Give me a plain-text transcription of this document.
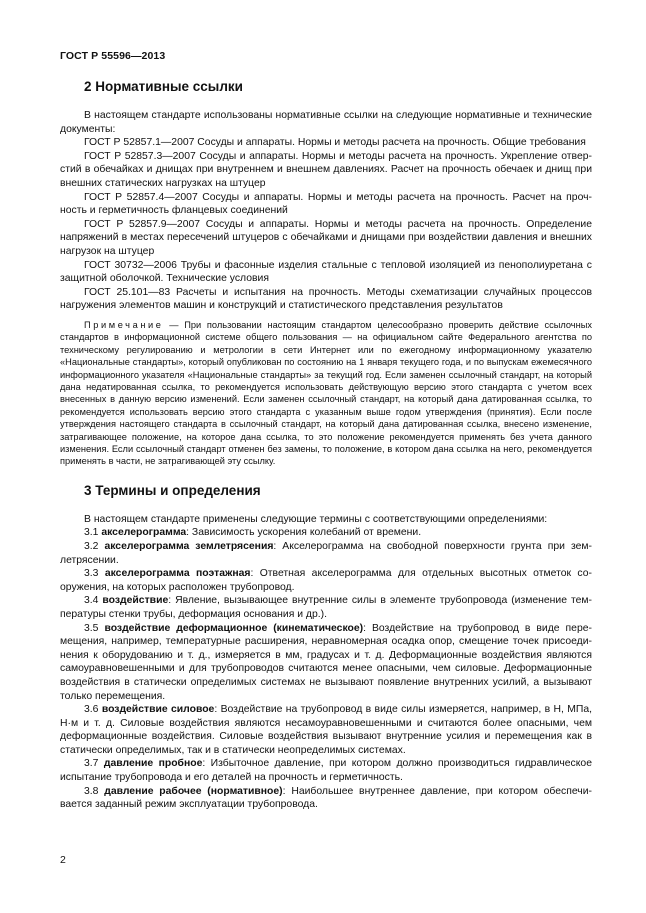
ГОСТ Р 55596—2013
2 Нормативные ссылки

В настоящем стандарте использованы нормативные ссылки на следующие нормативные и технические документы:

ГОСТ Р 52857.1—2007 Сосуды и аппараты. Нормы и методы расчета на прочность. Общие требования

ГОСТ Р 52857.3—2007 Сосуды и аппараты. Нормы и методы расчета на прочность. Укрепление отверстий в обечайках и днищах при внутреннем и внешнем давлениях. Расчет на прочность обечаек и днищ при внешних статических нагрузках на штуцер

ГОСТ Р 52857.4—2007 Сосуды и аппараты. Нормы и методы расчета на прочность. Расчет на прочность и герметичность фланцевых соединений

ГОСТ Р 52857.9—2007 Сосуды и аппараты. Нормы и методы расчета на прочность. Определение напряжений в местах пересечений штуцеров с обечайками и днищами при воздействии давления и внешних нагрузок на штуцер

ГОСТ 30732—2006 Трубы и фасонные изделия стальные с тепловой изоляцией из пенополиуретана с защитной оболочкой. Технические условия

ГОСТ 25.101—83 Расчеты и испытания на прочность. Методы схематизации случайных процессов нагружения элементов машин и конструкций и статистического представления результатов

Примечание — При пользовании настоящим стандартом целесообразно проверить действие ссылочных стандартов в информационной системе общего пользования — на официальном сайте Федерального агентства по техническому регулированию и метрологии в сети Интернет или по ежегодному информационному указателю «Национальные стандарты», который опубликован по состоянию на 1 января текущего года, и по выпускам ежемесячного информационного указателя «Национальные стандарты» за текущий год. Если заменен ссылочный стандарт, на который дана недатированная ссылка, то рекомендуется использовать действующую версию этого стандарта с учетом всех внесенных в данную версию изменений. Если заменен ссылочный стандарт, на который дана датированная ссылка, то рекомендуется использовать версию этого стандарта с указанным выше годом утверждения (принятия). Если после утверждения настоящего стандарта в ссылочный стандарт, на который дана датированная ссылка, внесено изменение, затрагивающее положение, на которое дана ссылка, то это положение рекомендуется применять без учета данного изменения. Если ссылочный стандарт отменен без замены, то положение, в котором дана ссылка на него, рекомендуется применять в части, не затрагивающей эту ссылку.

3 Термины и определения

В настоящем стандарте применены следующие термины с соответствующими определениями:

3.1 акселерограмма: Зависимость ускорения колебаний от времени.

3.2 акселерограмма землетрясения: Акселерограмма на свободной поверхности грунта при землетрясении.

3.3 акселерограмма поэтажная: Ответная акселерограмма для отдельных высотных отметок сооружения, на которых расположен трубопровод.

3.4 воздействие: Явление, вызывающее внутренние силы в элементе трубопровода (изменение температуры стенки трубы, деформация основания и др.).

3.5 воздействие деформационное (кинематическое): Воздействие на трубопровод в виде перемещения, например, температурные расширения, неравномерная осадка опор, смещение точек присоединения к оборудованию и т. д., измеряется в мм, градусах и т. д. Деформационные воздействия являются самоуравновешенными и для трубопроводов считаются менее опасными, чем силовые. Деформационные воздействия в статически определимых системах не вызывают появление внутренних усилий, а вызывают только перемещения.

3.6 воздействие силовое: Воздействие на трубопровод в виде силы измеряется, например, в Н, МПа, Н·м и т. д. Силовые воздействия являются несамоуравновешенными и считаются более опасными, чем деформационные воздействия. Силовые воздействия вызывают внутренние усилия и перемещения как в статически определимых, так и в статически неопределимых системах.

3.7 давление пробное: Избыточное давление, при котором должно производиться гидравлическое испытание трубопровода и его деталей на прочность и герметичность.

3.8 давление рабочее (нормативное): Наибольшее внутреннее давление, при котором обеспечивается заданный режим эксплуатации трубопровода.

2
